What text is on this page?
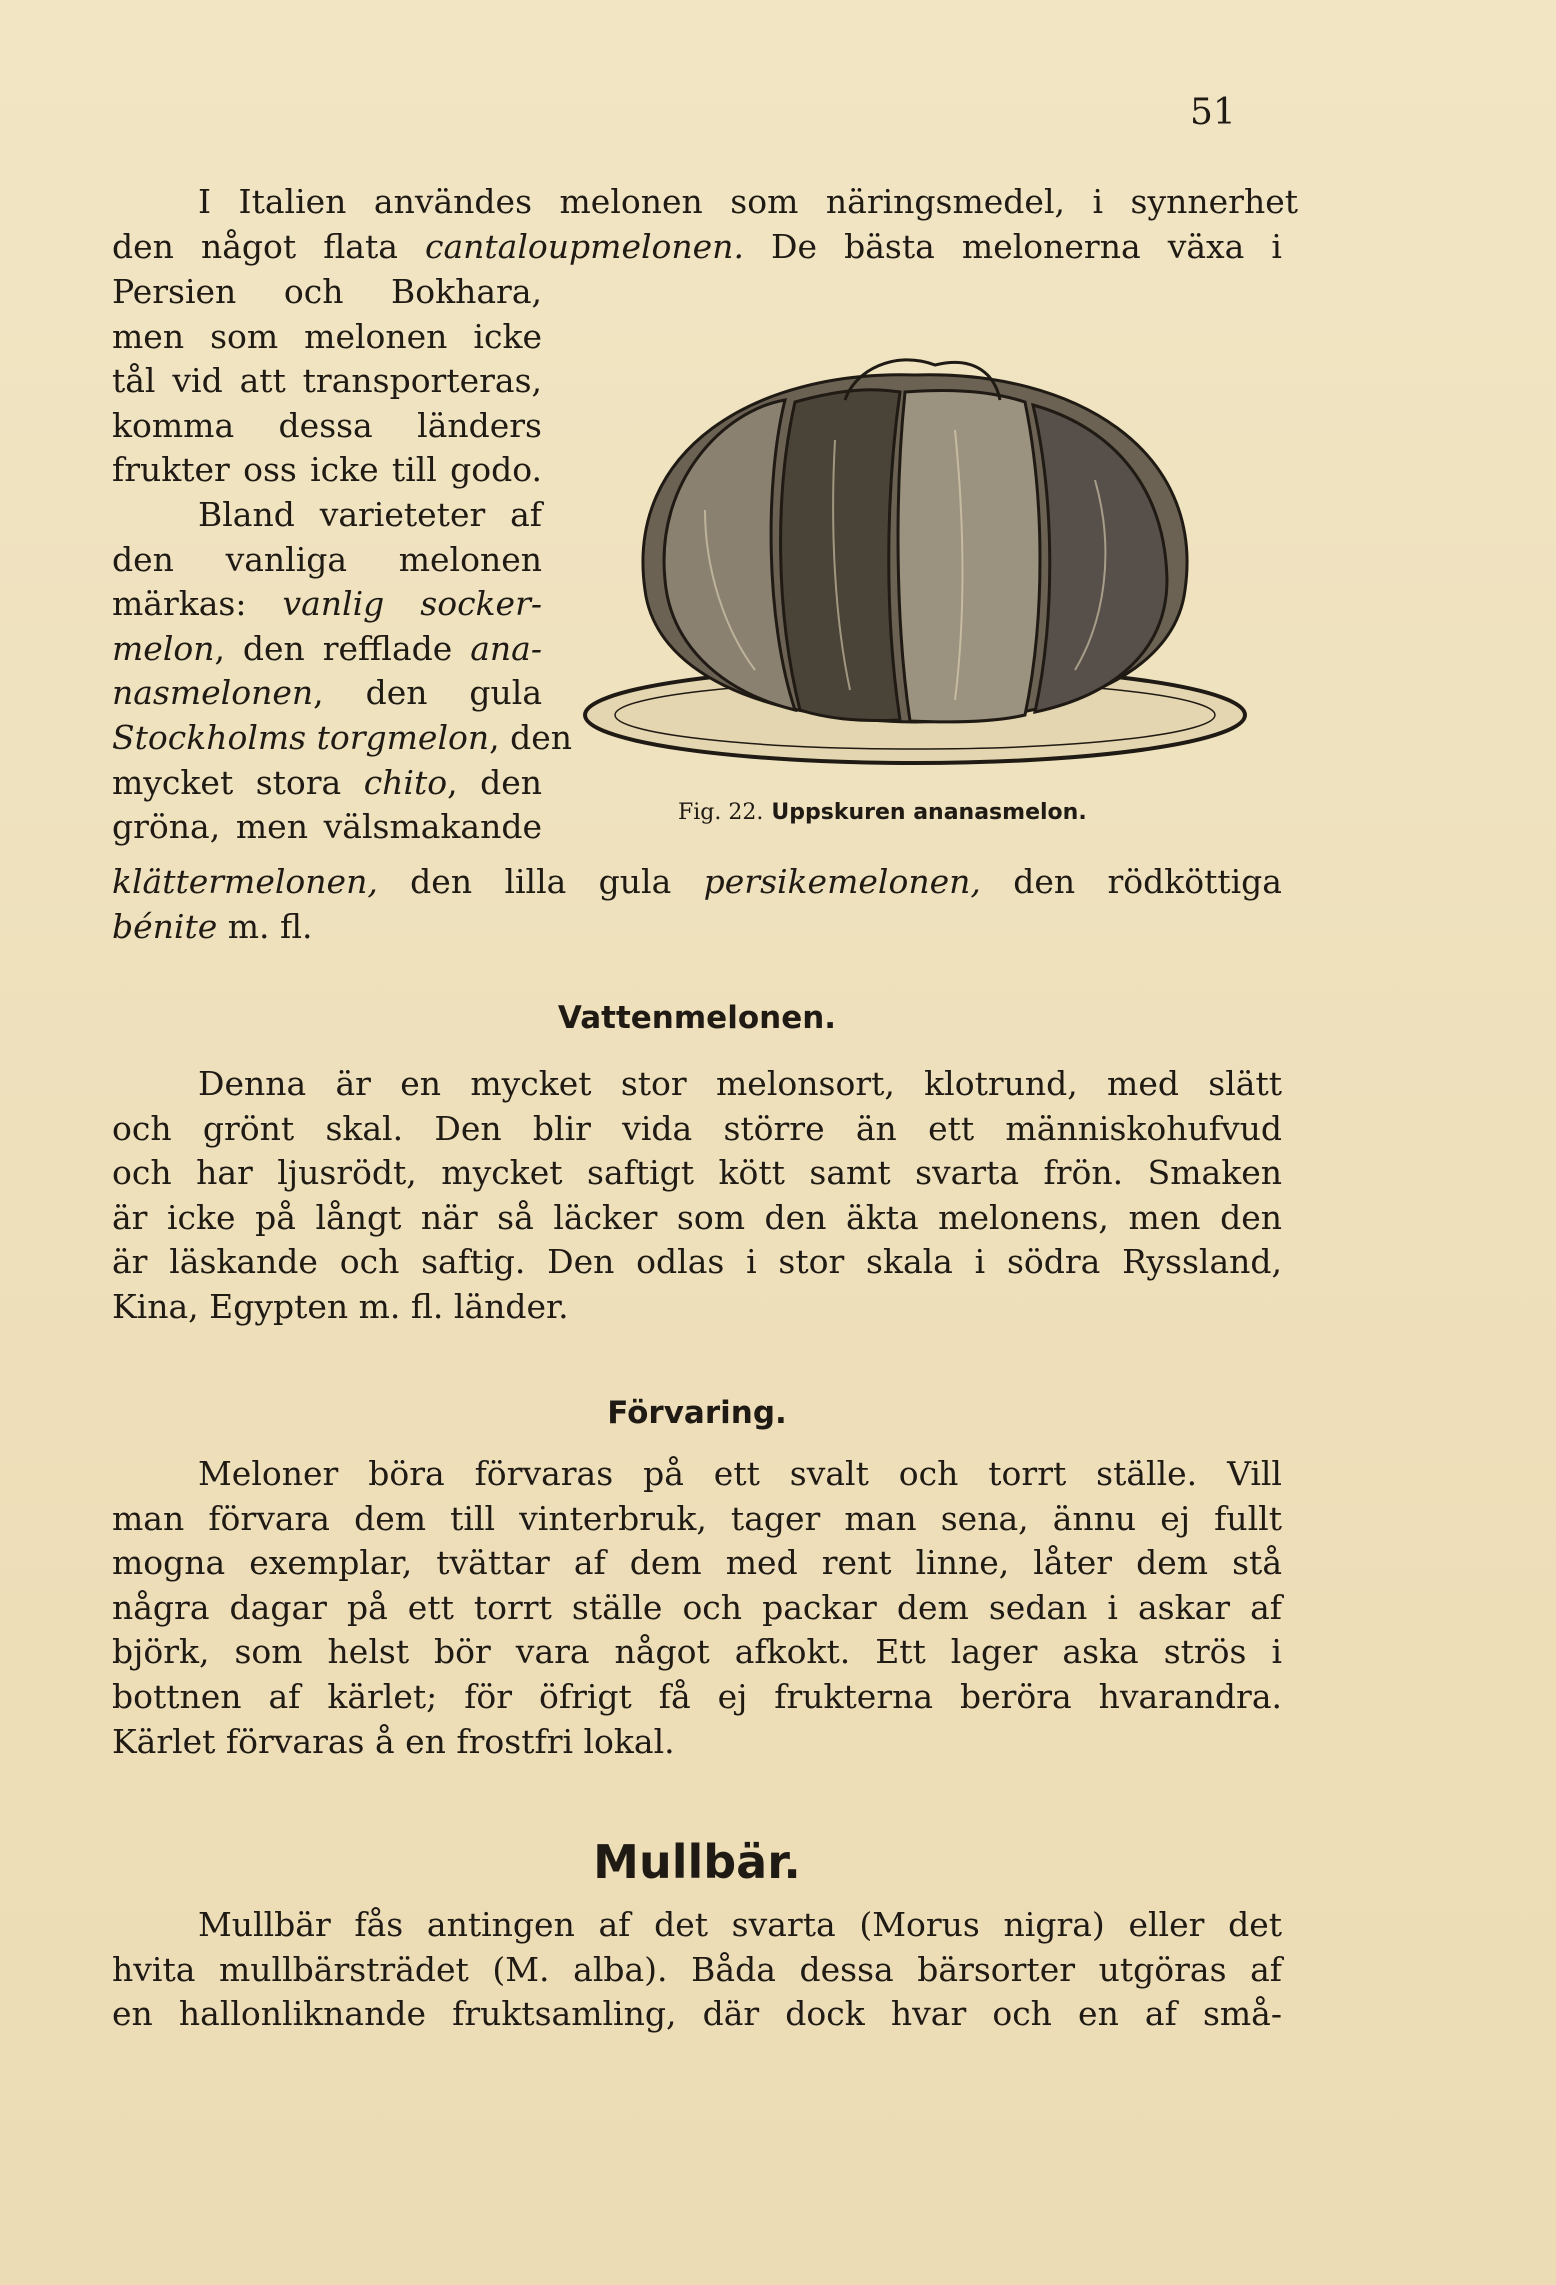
51
I Italien användes melonen som näringsmedel, i synnerhet
den något flata cantaloupmelonen. De bästa melonerna växa i
Persien och Bokhara,
men som melonen icke
tål vid att transporteras,
komma dessa länders
frukter oss icke till godo.
Bland varieteter af
den vanliga melonen
märkas: vanlig socker-
melon, den refflade ana-
nasmelonen, den gula
Stockholms torgmelon, den
mycket stora chito, den
gröna, men välsmakande	Fig. 22. Uppskuren ananasmelon.
klättermelonen, den lilla gula persikemelonen, den rödköttiga
bénite m. fl.
Vattenmelonen.
Denna är en mycket stor melonsort, klotrund, med slätt
och grönt skal. Den blir vida större än ett människohufvud
och har ljusrödt, mycket saftigt kött samt svarta frön. Smaken
är icke på långt när så läcker som den äkta melonens, men den
är läskande och saftig. Den odlas i stor skala i södra Ryssland,
Kina, Egypten m. fl. länder.
Förvaring.
Meloner böra förvaras på ett svalt och torrt ställe. Vill
man förvara dem till vinterbruk, tager man sena, ännu ej fullt
mogna exemplar, tvättar af dem med rent linne, låter dem stå
några dagar på ett torrt ställe och packar dem sedan i askar af
björk, som helst bör vara något afkokt. Ett lager aska strös i
bottnen af kärlet; för öfrigt få ej frukterna beröra hvarandra.
Kärlet förvaras å en frostfri lokal.
Mullbär.
Mullbär fås antingen af det svarta (Morus nigra) eller det
hvita mullbärsträdet (M. alba). Båda dessa bärsorter utgöras af
en hallonliknande fruktsamling, där dock hvar och en af små-
